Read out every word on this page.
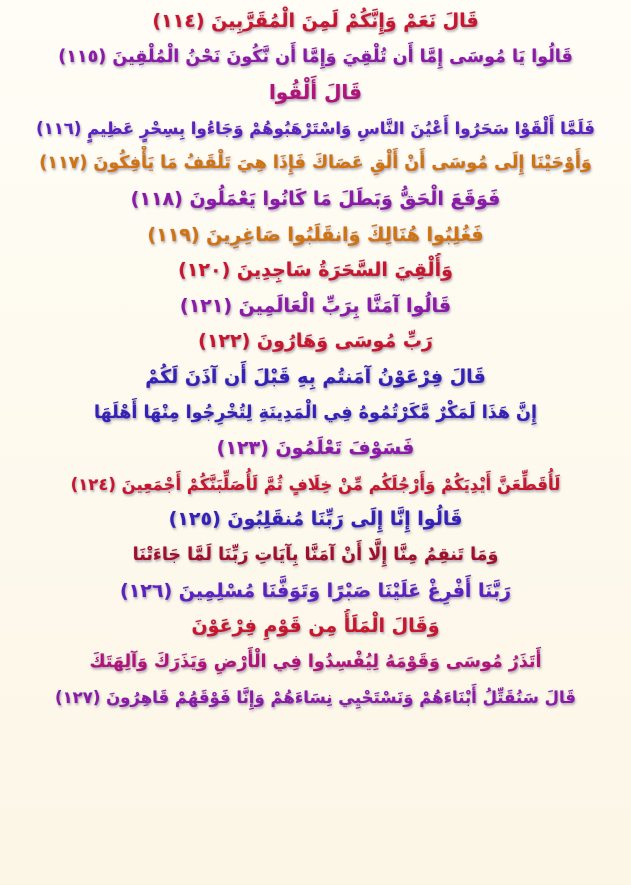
قَالَ نَعَمْ وَإِنَّكُمْ لَمِنَ الْمُقَرَّبِينَ (١١٤)
قَالُوا يَا مُوسَى إِمَّا أَن تُلْقِيَ وَإِمَّا أَن نَّكُونَ نَحْنُ الْمُلْقِينَ (١١٥)
قَالَ أَلْقُوا
فَلَمَّا أَلْقَوْا سَحَرُوا أَعْيُنَ النَّاسِ وَاسْتَرْهَبُوهُمْ وَجَاءُوا بِسِحْرٍ عَظِيمٍ (١١٦)
وَأَوْحَيْنَا إِلَى مُوسَى أَنْ أَلْقِ عَصَاكَ فَإِذَا هِيَ تَلْقَفُ مَا يَأْفِكُونَ (١١٧)
فَوَقَعَ الْحَقُّ وَبَطَلَ مَا كَانُوا يَعْمَلُونَ (١١٨)
فَغُلِبُوا هُنَالِكَ وَانقَلَبُوا صَاغِرِينَ (١١٩)
وَأُلْقِيَ السَّحَرَةُ سَاجِدِينَ (١٢٠)
قَالُوا آمَنَّا بِرَبِّ الْعَالَمِينَ (١٢١)
رَبِّ مُوسَى وَهَارُونَ (١٢٢)
قَالَ فِرْعَوْنُ آمَنتُم بِهِ قَبْلَ أَن آذَنَ لَكُمْ
إِنَّ هَذَا لَمَكْرٌ مَّكَرْتُمُوهُ فِي الْمَدِينَةِ لِتُخْرِجُوا مِنْهَا أَهْلَهَا
فَسَوْفَ تَعْلَمُونَ (١٢٣)
لَأُقَطِّعَنَّ أَيْدِيَكُمْ وَأَرْجُلَكُم مِّنْ خِلَافٍ ثُمَّ لَأُصَلِّبَنَّكُمْ أَجْمَعِينَ (١٢٤)
قَالُوا إِنَّا إِلَى رَبِّنَا مُنقَلِبُونَ (١٢٥)
وَمَا تَنقِمُ مِنَّا إِلَّا أَنْ آمَنَّا بِآيَاتِ رَبِّنَا لَمَّا جَاءَتْنَا
رَبَّنَا أَفْرِغْ عَلَيْنَا صَبْرًا وَتَوَفَّنَا مُسْلِمِينَ (١٢٦)
وَقَالَ الْمَلَأُ مِن قَوْمِ فِرْعَوْنَ
أَتَذَرُ مُوسَى وَقَوْمَهُ لِيُفْسِدُوا فِي الْأَرْضِ وَيَذَرَكَ وَآلِهَتَكَ
قَالَ سَنُقَتِّلُ أَبْنَاءَهُمْ وَنَسْتَحْيِي نِسَاءَهُمْ وَإِنَّا فَوْقَهُمْ قَاهِرُونَ (١٢٧)
